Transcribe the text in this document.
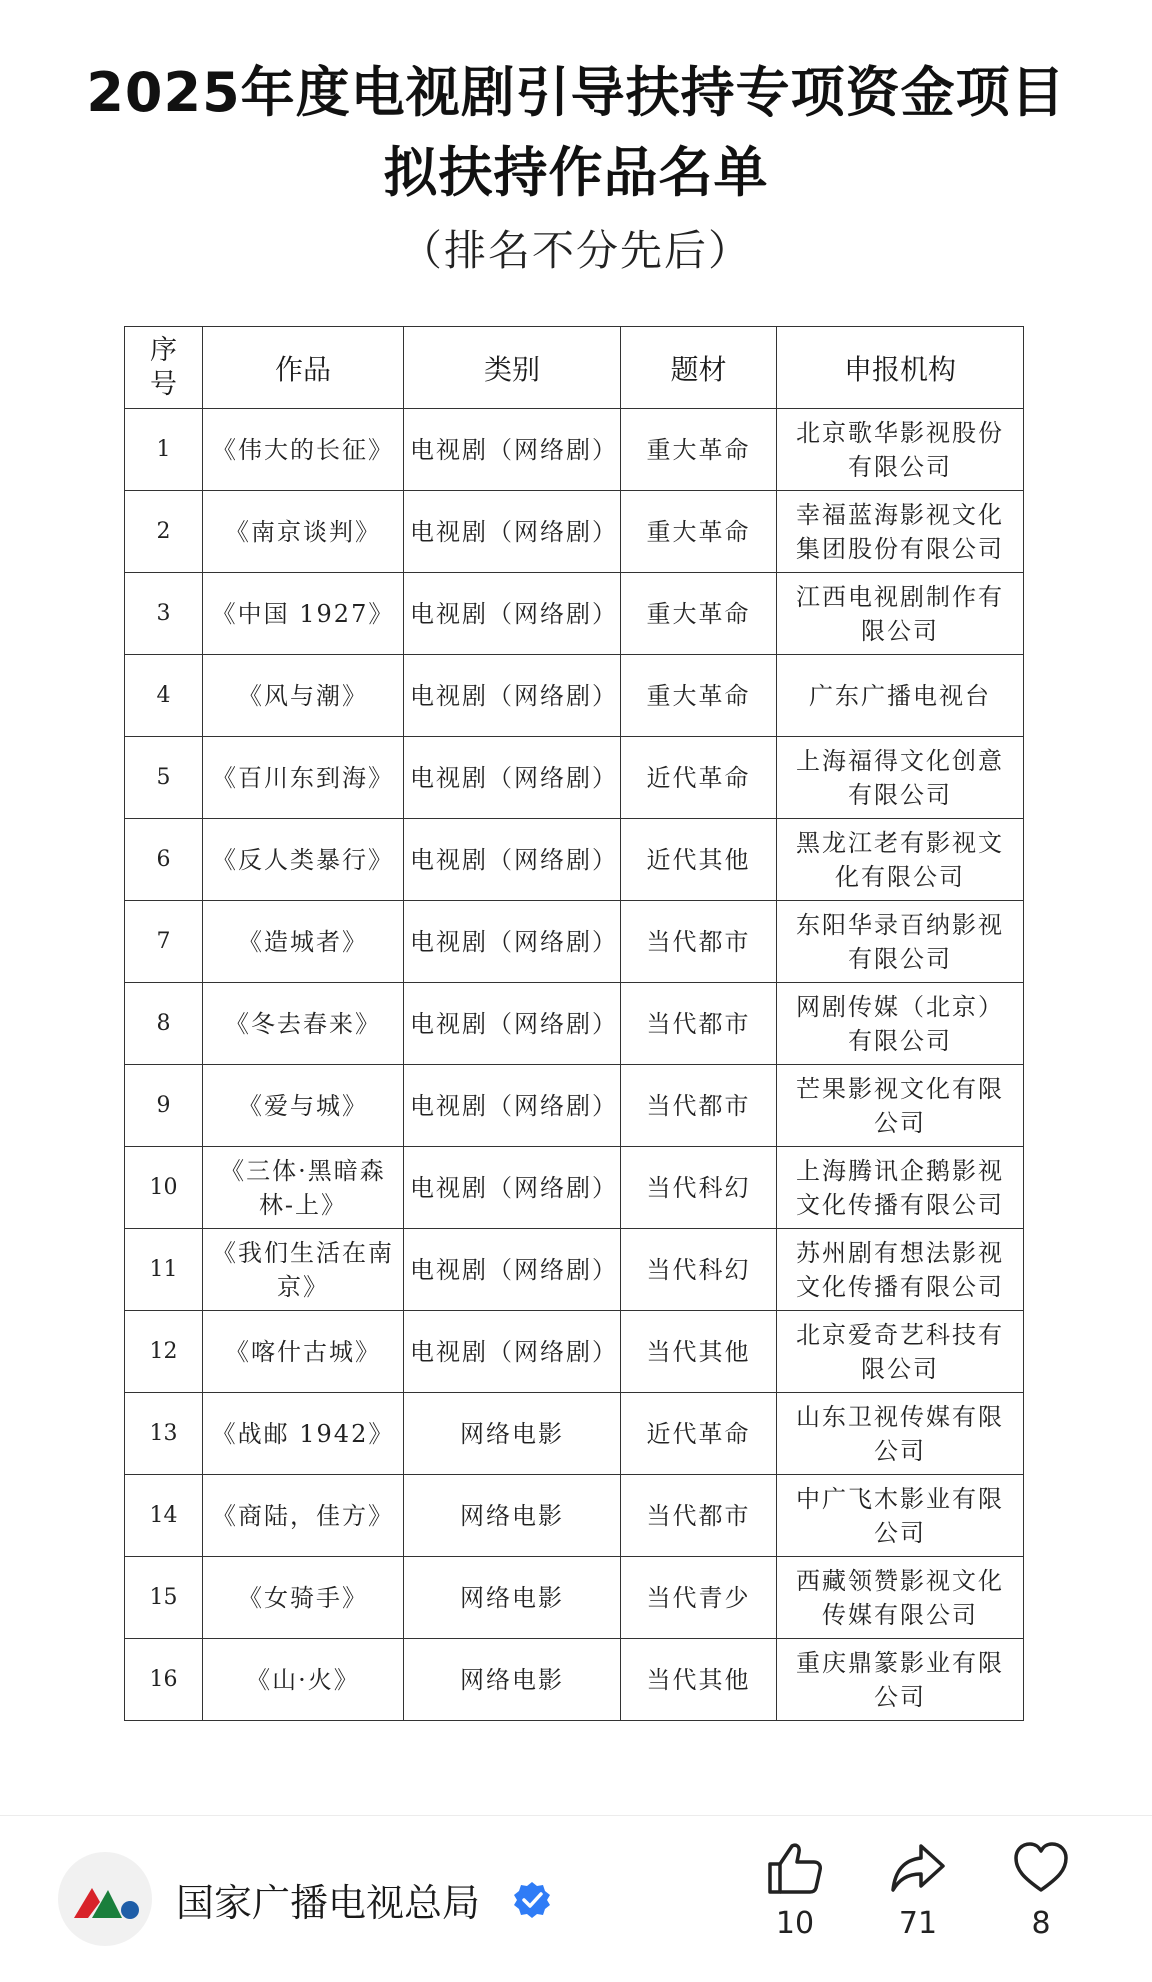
2025年度电视剧引导扶持专项资金项目
拟扶持作品名单
（排名不分先后）
序
号	作品	类别	题材	申报机构
1	《伟大的长征》	电视剧（网络剧）	重大革命	北京歌华影视股份有限公司
2	《南京谈判》	电视剧（网络剧）	重大革命	幸福蓝海影视文化集团股份有限公司
3	《中国 1927》	电视剧（网络剧）	重大革命	江西电视剧制作有限公司
4	《风与潮》	电视剧（网络剧）	重大革命	广东广播电视台
5	《百川东到海》	电视剧（网络剧）	近代革命	上海福得文化创意有限公司
6	《反人类暴行》	电视剧（网络剧）	近代其他	黑龙江老有影视文化有限公司
7	《造城者》	电视剧（网络剧）	当代都市	东阳华录百纳影视有限公司
8	《冬去春来》	电视剧（网络剧）	当代都市	网剧传媒（北京）有限公司
9	《爱与城》	电视剧（网络剧）	当代都市	芒果影视文化有限公司
10	《三体·黑暗森林-上》	电视剧（网络剧）	当代科幻	上海腾讯企鹅影视文化传播有限公司
11	《我们生活在南京》	电视剧（网络剧）	当代科幻	苏州剧有想法影视文化传播有限公司
12	《喀什古城》	电视剧（网络剧）	当代其他	北京爱奇艺科技有限公司
13	《战邮 1942》	网络电影	近代革命	山东卫视传媒有限公司
14	《商陆，佳方》	网络电影	当代都市	中广飞木影业有限公司
15	《女骑手》	网络电影	当代青少	西藏领赞影视文化传媒有限公司
16	《山·火》	网络电影	当代其他	重庆鼎篆影业有限公司
国家广播电视总局	10	71	8
